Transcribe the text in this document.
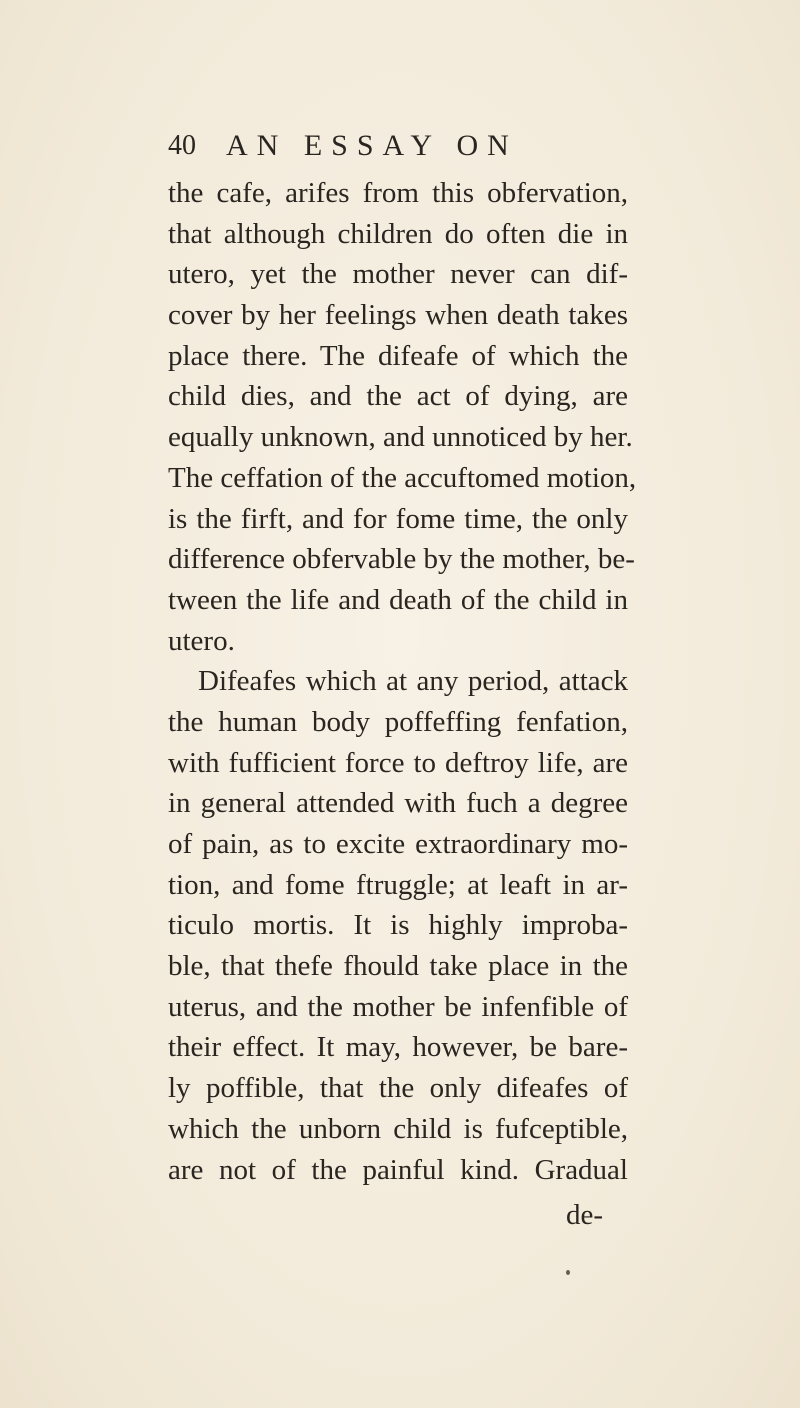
40 AN ESSAY ON
the cafe, arifes from this obfervation,
that although children do often die in
utero, yet the mother never can dif-
cover by her feelings when death takes
place there. The difeafe of which the
child dies, and the act of dying, are
equally unknown, and unnoticed by her.
The ceffation of the accuftomed motion,
is the firft, and for fome time, the only
difference obfervable by the mother, be-
tween the life and death of the child in
utero.
Difeafes which at any period, attack
the human body poffeffing fenfation,
with fufficient force to deftroy life, are
in general attended with fuch a degree
of pain, as to excite extraordinary mo-
tion, and fome ftruggle; at leaft in ar-
ticulo mortis. It is highly improba-
ble, that thefe fhould take place in the
uterus, and the mother be infenfible of
their effect. It may, however, be bare-
ly poffible, that the only difeafes of
which the unborn child is fufceptible,
are not of the painful kind. Gradual
de-
